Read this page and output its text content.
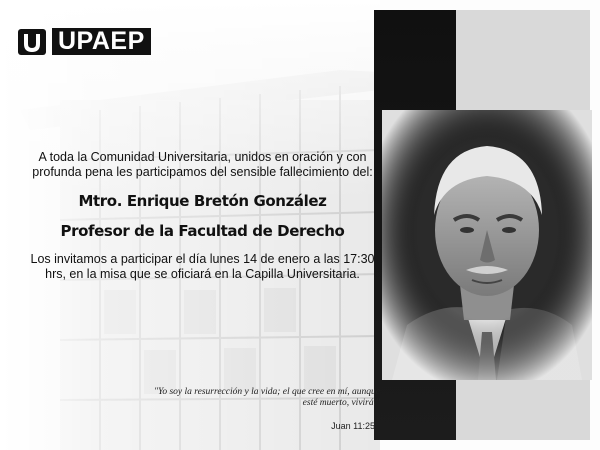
UPAEP

A toda la Comunidad Universitaria, unidos en oración y con profunda pena les participamos del sensible fallecimiento del:

Mtro. Enrique Bretón González

Profesor de la Facultad de Derecho

Los invitamos a participar el día lunes 14 de enero a las 17:30 hrs, en la misa que se oficiará en la Capilla Universitaria.

"Yo soy la resurrección y la vida; el que cree en mí, aunque esté muerto, vivirá."
Juan 11:25
